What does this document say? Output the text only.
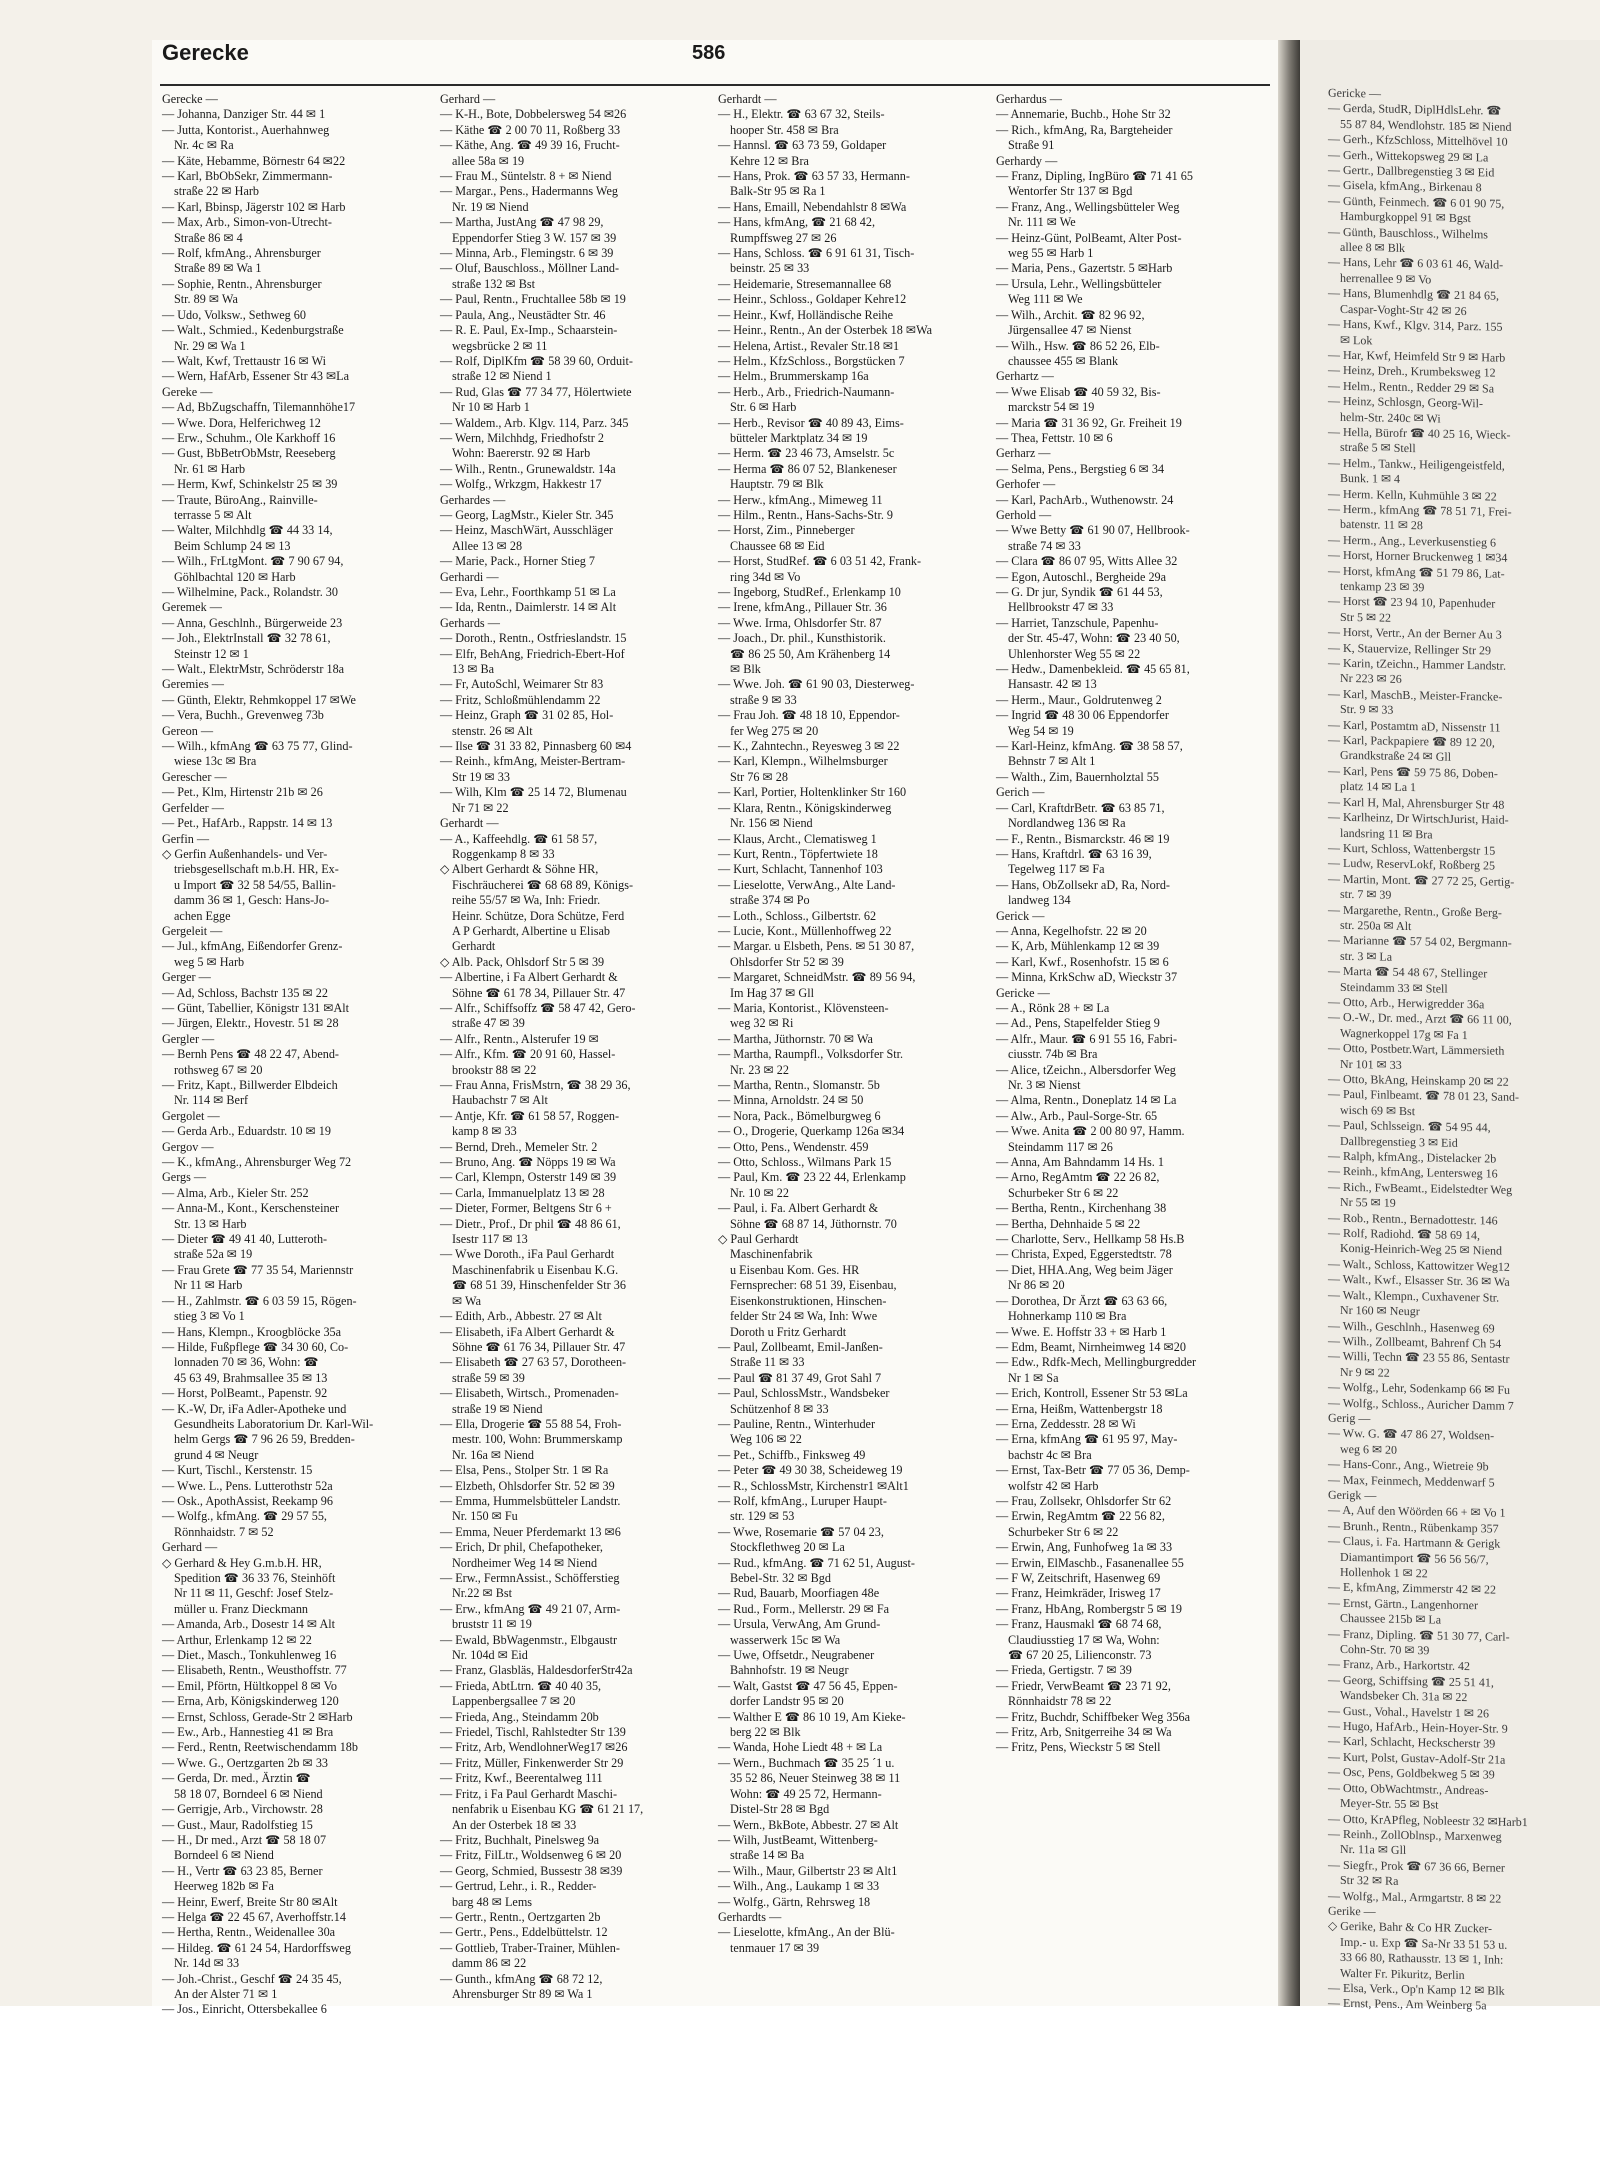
Gerecke	586
Gerecke —
— Johanna, Danziger Str. 44 ✉ 1
— Jutta, Kontorist., Auerhahnweg
Nr. 4c ✉ Ra
— Käte, Hebamme, Börnestr 64 ✉22
— Karl, BbObSekr, Zimmermann-
straße 22 ✉ Harb
— Karl, Bbinsp, Jägerstr 102 ✉ Harb
— Max, Arb., Simon-von-Utrecht-
Straße 86 ✉ 4
— Rolf, kfmAng., Ahrensburger
Straße 89 ✉ Wa 1
— Sophie, Rentn., Ahrensburger
Str. 89 ✉ Wa
— Udo, Volksw., Sethweg 60
— Walt., Schmied., Kedenburgstraße
Nr. 29 ✉ Wa 1
— Walt, Kwf, Trettaustr 16 ✉ Wi
— Wern, HafArb, Essener Str 43 ✉La
Gereke —
— Ad, BbZugschaffn, Tilemannhöhe17
— Wwe. Dora, Helferichweg 12
— Erw., Schuhm., Ole Karkhoff 16
— Gust, BbBetrObMstr, Reeseberg
Nr. 61 ✉ Harb
— Herm, Kwf, Schinkelstr 25 ✉ 39
— Traute, BüroAng., Rainville-
terrasse 5 ✉ Alt
— Walter, Milchhdlg ☎ 44 33 14,
Beim Schlump 24 ✉ 13
— Wilh., FrLtgMont. ☎ 7 90 67 94,
Göhlbachtal 120 ✉ Harb
— Wilhelmine, Pack., Rolandstr. 30
Geremek —
— Anna, Geschlnh., Bürgerweide 23
— Joh., ElektrInstall ☎ 32 78 61,
Steinstr 12 ✉ 1
— Walt., ElektrMstr, Schröderstr 18a
Geremies —
— Günth, Elektr, Rehmkoppel 17 ✉We
— Vera, Buchh., Grevenweg 73b
Gereon —
— Wilh., kfmAng ☎ 63 75 77, Glind-
wiese 13c ✉ Bra
Gerescher —
— Pet., Klm, Hirtenstr 21b ✉ 26
Gerfelder —
— Pet., HafArb., Rappstr. 14 ✉ 13
Gerfin —
◇ Gerfin Außenhandels- und Ver-
triebsgesellschaft m.b.H. HR, Ex-
u Import ☎ 32 58 54/55, Ballin-
damm 36 ✉ 1, Gesch: Hans-Jo-
achen Egge
Gergeleit —
— Jul., kfmAng, Eißendorfer Grenz-
weg 5 ✉ Harb
Gerger —
— Ad, Schloss, Bachstr 135 ✉ 22
— Günt, Tabellier, Königstr 131 ✉Alt
— Jürgen, Elektr., Hovestr. 51 ✉ 28
Gergler —
— Bernh Pens ☎ 48 22 47, Abend-
rothsweg 67 ✉ 20
— Fritz, Kapt., Billwerder Elbdeich
Nr. 114 ✉ Berf
Gergolet —
— Gerda Arb., Eduardstr. 10 ✉ 19
Gergov —
— K., kfmAng., Ahrensburger Weg 72
Gergs —
— Alma, Arb., Kieler Str. 252
— Anna-M., Kont., Kerschensteiner
Str. 13 ✉ Harb
— Dieter ☎ 49 41 40, Lutteroth-
straße 52a ✉ 19
— Frau Grete ☎ 77 35 54, Mariennstr
Nr 11 ✉ Harb
— H., Zahlmstr. ☎ 6 03 59 15, Rögen-
stieg 3 ✉ Vo 1
— Hans, Klempn., Kroogblöcke 35a
— Hilde, Fußpflege ☎ 34 30 60, Co-
lonnaden 70 ✉ 36, Wohn: ☎
45 63 49, Brahmsallee 35 ✉ 13
— Horst, PolBeamt., Papenstr. 92
— K.-W, Dr, iFa Adler-Apotheke und
Gesundheits Laboratorium Dr. Karl-Wil-
helm Gergs ☎ 7 96 26 59, Bredden-
grund 4 ✉ Neugr
— Kurt, Tischl., Kerstenstr. 15
— Wwe. L., Pens. Lutterothstr 52a
— Osk., ApothAssist, Reekamp 96
— Wolfg., kfmAng. ☎ 29 57 55,
Rönnhaidstr. 7 ✉ 52
Gerhard —
◇ Gerhard & Hey G.m.b.H. HR,
Spedition ☎ 36 33 76, Steinhöft
Nr 11 ✉ 11, Geschf: Josef Stelz-
müller u. Franz Dieckmann
— Amanda, Arb., Dosestr 14 ✉ Alt
— Arthur, Erlenkamp 12 ✉ 22
— Diet., Masch., Tonkuhlenweg 16
— Elisabeth, Rentn., Weusthoffstr. 77
— Emil, Pförtn, Hültkoppel 8 ✉ Vo
— Erna, Arb, Königskinderweg 120
— Ernst, Schloss, Gerade-Str 2 ✉Harb
— Ew., Arb., Hannestieg 41 ✉ Bra
— Ferd., Rentn, Reetwischendamm 18b
— Wwe. G., Oertzgarten 2b ✉ 33
— Gerda, Dr. med., Ärztin ☎
58 18 07, Borndeel 6 ✉ Niend
— Gerrigje, Arb., Virchowstr. 28
— Gust., Maur, Radolfstieg 15
— H., Dr med., Arzt ☎ 58 18 07
Borndeel 6 ✉ Niend
— H., Vertr ☎ 63 23 85, Berner
Heerweg 182b ✉ Fa
— Heinr, Ewerf, Breite Str 80 ✉Alt
— Helga ☎ 22 45 67, Averhoffstr.14
— Hertha, Rentn., Weidenallee 30a
— Hildeg. ☎ 61 24 54, Hardorffsweg
Nr. 14d ✉ 33
— Joh.-Christ., Geschf ☎ 24 35 45,
An der Alster 71 ✉ 1
— Jos., Einricht, Ottersbekallee 6
Gerhard —
— K-H., Bote, Dobbelersweg 54 ✉26
— Käthe ☎ 2 00 70 11, Roßberg 33
— Käthe, Ang. ☎ 49 39 16, Frucht-
allee 58a ✉ 19
— Frau M., Süntelstr. 8 + ✉ Niend
— Margar., Pens., Hadermanns Weg
Nr. 19 ✉ Niend
— Martha, JustAng ☎ 47 98 29,
Eppendorfer Stieg 3 W. 157 ✉ 39
— Minna, Arb., Flemingstr. 6 ✉ 39
— Oluf, Bauschloss., Möllner Land-
straße 132 ✉ Bst
— Paul, Rentn., Fruchtallee 58b ✉ 19
— Paula, Ang., Neustädter Str. 46
— R. E. Paul, Ex-Imp., Schaarstein-
wegsbrücke 2 ✉ 11
— Rolf, DiplKfm ☎ 58 39 60, Orduit-
straße 12 ✉ Niend 1
— Rud, Glas ☎ 77 34 77, Hölertwiete
Nr 10 ✉ Harb 1
— Waldem., Arb. Klgv. 114, Parz. 345
— Wern, Milchhdg, Friedhofstr 2
Wohn: Baererstr. 92 ✉ Harb
— Wilh., Rentn., Grunewaldstr. 14a
— Wolfg., Wrkzgm, Hakkestr 17
Gerhardes —
— Georg, LagMstr., Kieler Str. 345
— Heinz, MaschWärt, Ausschläger
Allee 13 ✉ 28
— Marie, Pack., Horner Stieg 7
Gerhardi —
— Eva, Lehr., Foorthkamp 51 ✉ La
— Ida, Rentn., Daimlerstr. 14 ✉ Alt
Gerhards —
— Doroth., Rentn., Ostfrieslandstr. 15
— Elfr, BehAng, Friedrich-Ebert-Hof
13 ✉ Ba
— Fr, AutoSchl, Weimarer Str 83
— Fritz, Schloßmühlendamm 22
— Heinz, Graph ☎ 31 02 85, Hol-
stenstr. 26 ✉ Alt
— Ilse ☎ 31 33 82, Pinnasberg 60 ✉4
— Reinh., kfmAng, Meister-Bertram-
Str 19 ✉ 33
— Wilh, Klm ☎ 25 14 72, Blumenau
Nr 71 ✉ 22
Gerhardt —
— A., Kaffeehdlg. ☎ 61 58 57,
Roggenkamp 8 ✉ 33
◇ Albert Gerhardt & Söhne HR,
Fischräucherei ☎ 68 68 89, Königs-
reihe 55/57 ✉ Wa, Inh: Friedr.
Heinr. Schütze, Dora Schütze, Ferd
A P Gerhardt, Albertine u Elisab
Gerhardt
◇ Alb. Pack, Ohlsdorf Str 5 ✉ 39
— Albertine, i Fa Albert Gerhardt &
Söhne ☎ 61 78 34, Pillauer Str. 47
— Alfr., Schiffsoffz ☎ 58 47 42, Gero-
straße 47 ✉ 39
— Alfr., Rentn., Alsterufer 19 ✉
— Alfr., Kfm. ☎ 20 91 60, Hassel-
brookstr 88 ✉ 22
— Frau Anna, FrisMstrn, ☎ 38 29 36,
Haubachstr 7 ✉ Alt
— Antje, Kfr. ☎ 61 58 57, Roggen-
kamp 8 ✉ 33
— Bernd, Dreh., Memeler Str. 2
— Bruno, Ang. ☎ Nöpps 19 ✉ Wa
— Carl, Klempn, Osterstr 149 ✉ 39
— Carla, Immanuelplatz 13 ✉ 28
— Dieter, Former, Beltgens Str 6 +
— Dietr., Prof., Dr phil ☎ 48 86 61,
Isestr 117 ✉ 13
— Wwe Doroth., iFa Paul Gerhardt
Maschinenfabrik u Eisenbau K.G.
☎ 68 51 39, Hinschenfelder Str 36
✉ Wa
— Edith, Arb., Abbestr. 27 ✉ Alt
— Elisabeth, iFa Albert Gerhardt &
Söhne ☎ 61 76 34, Pillauer Str. 47
— Elisabeth ☎ 27 63 57, Dorotheen-
straße 59 ✉ 39
— Elisabeth, Wirtsch., Promenaden-
straße 19 ✉ Niend
— Ella, Drogerie ☎ 55 88 54, Froh-
mestr. 100, Wohn: Brummerskamp
Nr. 16a ✉ Niend
— Elsa, Pens., Stolper Str. 1 ✉ Ra
— Elzbeth, Ohlsdorfer Str. 52 ✉ 39
— Emma, Hummelsbütteler Landstr.
Nr. 150 ✉ Fu
— Emma, Neuer Pferdemarkt 13 ✉6
— Erich, Dr phil, Chefapotheker,
Nordheimer Weg 14 ✉ Niend
— Erw., FermnAssist., Schöfferstieg
Nr.22 ✉ Bst
— Erw., kfmAng ☎ 49 21 07, Arm-
bruststr 11 ✉ 19
— Ewald, BbWagenmstr., Elbgaustr
Nr. 104d ✉ Eid
— Franz, Glasbläs, HaldesdorferStr42a
— Frieda, AbtLtrn. ☎ 40 40 35,
Lappenbergsallee 7 ✉ 20
— Frieda, Ang., Steindamm 20b
— Friedel, Tischl, Rahlstedter Str 139
— Fritz, Arb, WendlohnerWeg17 ✉26
— Fritz, Müller, Finkenwerder Str 29
— Fritz, Kwf., Beerentalweg 111
— Fritz, i Fa Paul Gerhardt Maschi-
nenfabrik u Eisenbau KG ☎ 61 21 17,
An der Osterbek 18 ✉ 33
— Fritz, Buchhalt, Pinelsweg 9a
— Fritz, FilLtr., Woldsenweg 6 ✉ 20
— Georg, Schmied, Bussestr 38 ✉39
— Gertrud, Lehr., i. R., Redder-
barg 48 ✉ Lems
— Gertr., Rentn., Oertzgarten 2b
— Gertr., Pens., Eddelbüttelstr. 12
— Gottlieb, Traber-Trainer, Mühlen-
damm 86 ✉ 22
— Gunth., kfmAng ☎ 68 72 12,
Ahrensburger Str 89 ✉ Wa 1
Gerhardt —
— H., Elektr. ☎ 63 67 32, Steils-
hooper Str. 458 ✉ Bra
— Hannsl. ☎ 63 73 59, Goldaper
Kehre 12 ✉ Bra
— Hans, Prok. ☎ 63 57 33, Hermann-
Balk-Str 95 ✉ Ra 1
— Hans, Emaill, Nebendahlstr 8 ✉Wa
— Hans, kfmAng, ☎ 21 68 42,
Rumpffsweg 27 ✉ 26
— Hans, Schloss. ☎ 6 91 61 31, Tisch-
beinstr. 25 ✉ 33
— Heidemarie, Stresemannallee 68
— Heinr., Schloss., Goldaper Kehre12
— Heinr., Kwf, Holländische Reihe
— Heinr., Rentn., An der Osterbek 18 ✉Wa
— Helena, Artist., Revaler Str.18 ✉1
— Helm., KfzSchloss., Borgstücken 7
— Helm., Brummerskamp 16a
— Herb., Arb., Friedrich-Naumann-
Str. 6 ✉ Harb
— Herb., Revisor ☎ 40 89 43, Eims-
bütteler Marktplatz 34 ✉ 19
— Herm. ☎ 23 46 73, Amselstr. 5c
— Herma ☎ 86 07 52, Blankeneser
Hauptstr. 79 ✉ Blk
— Herw., kfmAng., Mimeweg 11
— Hilm., Rentn., Hans-Sachs-Str. 9
— Horst, Zim., Pinneberger
Chaussee 68 ✉ Eid
— Horst, StudRef. ☎ 6 03 51 42, Frank-
ring 34d ✉ Vo
— Ingeborg, StudRef., Erlenkamp 10
— Irene, kfmAng., Pillauer Str. 36
— Wwe. Irma, Ohlsdorfer Str. 87
— Joach., Dr. phil., Kunsthistorik.
☎ 86 25 50, Am Krähenberg 14
✉ Blk
— Wwe. Joh. ☎ 61 90 03, Diesterweg-
straße 9 ✉ 33
— Frau Joh. ☎ 48 18 10, Eppendor-
fer Weg 275 ✉ 20
— K., Zahntechn., Reyesweg 3 ✉ 22
— Karl, Klempn., Wilhelmsburger
Str 76 ✉ 28
— Karl, Portier, Holtenklinker Str 160
— Klara, Rentn., Königskinderweg
Nr. 156 ✉ Niend
— Klaus, Archt., Clematisweg 1
— Kurt, Rentn., Töpfertwiete 18
— Kurt, Schlacht, Tannenhof 103
— Lieselotte, VerwAng., Alte Land-
straße 374 ✉ Po
— Loth., Schloss., Gilbertstr. 62
— Lucie, Kont., Müllenhoffweg 22
— Margar. u Elsbeth, Pens. ✉ 51 30 87,
Ohlsdorfer Str 52 ✉ 39
— Margaret, SchneidMstr. ☎ 89 56 94,
Im Hag 37 ✉ Gll
— Maria, Kontorist., Klövensteen-
weg 32 ✉ Ri
— Martha, Jüthornstr. 70 ✉ Wa
— Martha, Raumpfl., Volksdorfer Str.
Nr. 23 ✉ 22
— Martha, Rentn., Slomanstr. 5b
— Minna, Arnoldstr. 24 ✉ 50
— Nora, Pack., Bömelburgweg 6
— O., Drogerie, Querkamp 126a ✉34
— Otto, Pens., Wendenstr. 459
— Otto, Schloss., Wilmans Park 15
— Paul, Km. ☎ 23 22 44, Erlenkamp
Nr. 10 ✉ 22
— Paul, i. Fa. Albert Gerhardt &
Söhne ☎ 68 87 14, Jüthornstr. 70
◇ Paul Gerhardt
Maschinenfabrik
u Eisenbau Kom. Ges. HR
Fernsprecher: 68 51 39, Eisenbau,
Eisenkonstruktionen, Hinschen-
felder Str 24 ✉ Wa, Inh: Wwe
Doroth u Fritz Gerhardt
— Paul, Zollbeamt, Emil-Janßen-
Straße 11 ✉ 33
— Paul ☎ 81 37 49, Grot Sahl 7
— Paul, SchlossMstr., Wandsbeker
Schützenhof 8 ✉ 33
— Pauline, Rentn., Winterhuder
Weg 106 ✉ 22
— Pet., Schiffb., Finksweg 49
— Peter ☎ 49 30 38, Scheideweg 19
— R., SchlossMstr, Kirchenstr1 ✉Alt1
— Rolf, kfmAng., Luruper Haupt-
str. 129 ✉ 53
— Wwe, Rosemarie ☎ 57 04 23,
Stockflethweg 20 ✉ La
— Rud., kfmAng. ☎ 71 62 51, August-
Bebel-Str. 32 ✉ Bgd
— Rud, Bauarb, Moorfiagen 48e
— Rud., Form., Mellerstr. 29 ✉ Fa
— Ursula, VerwAng, Am Grund-
wasserwerk 15c ✉ Wa
— Uwe, Offsetdr., Neugrabener
Bahnhofstr. 19 ✉ Neugr
— Walt, Gastst ☎ 47 56 45, Eppen-
dorfer Landstr 95 ✉ 20
— Walther E ☎ 86 10 19, Am Kieke-
berg 22 ✉ Blk
— Wanda, Hohe Liedt 48 + ✉ La
— Wern., Buchmach ☎ 35 25 ´1 u.
35 52 86, Neuer Steinweg 38 ✉ 11
Wohn: ☎ 49 25 72, Hermann-
Distel-Str 28 ✉ Bgd
— Wern., BkBote, Abbestr. 27 ✉ Alt
— Wilh, JustBeamt, Wittenberg-
straße 14 ✉ Ba
— Wilh., Maur, Gilbertstr 23 ✉ Alt1
— Wilh., Ang., Laukamp 1 ✉ 33
— Wolfg., Gärtn, Rehrsweg 18
Gerhardts —
— Lieselotte, kfmAng., An der Blü-
tenmauer 17 ✉ 39
Gerhardus —
— Annemarie, Buchb., Hohe Str 32
— Rich., kfmAng, Ra, Bargteheider
Straße 91
Gerhardy —
— Franz, Dipling, IngBüro ☎ 71 41 65
Wentorfer Str 137 ✉ Bgd
— Franz, Ang., Wellingsbütteler Weg
Nr. 111 ✉ We
— Heinz-Günt, PolBeamt, Alter Post-
weg 55 ✉ Harb 1
— Maria, Pens., Gazertstr. 5 ✉Harb
— Ursula, Lehr., Wellingsbütteler
Weg 111 ✉ We
— Wilh., Archit. ☎ 82 96 92,
Jürgensallee 47 ✉ Nienst
— Wilh., Hsw. ☎ 86 52 26, Elb-
chaussee 455 ✉ Blank
Gerhartz —
— Wwe Elisab ☎ 40 59 32, Bis-
marckstr 54 ✉ 19
— Maria ☎ 31 36 92, Gr. Freiheit 19
— Thea, Fettstr. 10 ✉ 6
Gerharz —
— Selma, Pens., Bergstieg 6 ✉ 34
Gerhofer —
— Karl, PachArb., Wuthenowstr. 24
Gerhold —
— Wwe Betty ☎ 61 90 07, Hellbrook-
straße 74 ✉ 33
— Clara ☎ 86 07 95, Witts Allee 32
— Egon, Autoschl., Bergheide 29a
— G. Dr jur, Syndik ☎ 61 44 53,
Hellbrookstr 47 ✉ 33
— Harriet, Tanzschule, Papenhu-
der Str. 45-47, Wohn: ☎ 23 40 50,
Uhlenhorster Weg 55 ✉ 22
— Hedw., Damenbekleid. ☎ 45 65 81,
Hansastr. 42 ✉ 13
— Herm., Maur., Goldrutenweg 2
— Ingrid ☎ 48 30 06 Eppendorfer
Weg 54 ✉ 19
— Karl-Heinz, kfmAng. ☎ 38 58 57,
Behnstr 7 ✉ Alt 1
— Walth., Zim, Bauernholztal 55
Gerich —
— Carl, KraftdrBetr. ☎ 63 85 71,
Nordlandweg 136 ✉ Ra
— F., Rentn., Bismarckstr. 46 ✉ 19
— Hans, Kraftdrl. ☎ 63 16 39,
Tegelweg 117 ✉ Fa
— Hans, ObZollsekr aD, Ra, Nord-
landweg 134
Gerick —
— Anna, Kegelhofstr. 22 ✉ 20
— K, Arb, Mühlenkamp 12 ✉ 39
— Karl, Kwf., Rosenhofstr. 15 ✉ 6
— Minna, KrkSchw aD, Wieckstr 37
Gericke —
— A., Rönk 28 + ✉ La
— Ad., Pens, Stapelfelder Stieg 9
— Alfr., Maur. ☎ 6 91 55 16, Fabri-
ciusstr. 74b ✉ Bra
— Alice, tZeichn., Albersdorfer Weg
Nr. 3 ✉ Nienst
— Alma, Rentn., Doneplatz 14 ✉ La
— Alw., Arb., Paul-Sorge-Str. 65
— Wwe. Anita ☎ 2 00 80 97, Hamm.
Steindamm 117 ✉ 26
— Anna, Am Bahndamm 14 Hs. 1
— Arno, RegAmtm ☎ 22 26 82,
Schurbeker Str 6 ✉ 22
— Bertha, Rentn., Kirchenhang 38
— Bertha, Dehnhaide 5 ✉ 22
— Charlotte, Serv., Hellkamp 58 Hs.B
— Christa, Exped, Eggerstedtstr. 78
— Diet, HHA.Ang, Weg beim Jäger
Nr 86 ✉ 20
— Dorothea, Dr Ärzt ☎ 63 63 66,
Hohnerkamp 110 ✉ Bra
— Wwe. E. Hoffstr 33 + ✉ Harb 1
— Edm, Beamt, Nirnheimweg 14 ✉20
— Edw., Rdfk-Mech, Mellingburgredder
Nr 1 ✉ Sa
— Erich, Kontroll, Essener Str 53 ✉La
— Erna, Heißm, Wattenbergstr 18
— Erna, Zeddesstr. 28 ✉ Wi
— Erna, kfmAng ☎ 61 95 97, May-
bachstr 4c ✉ Bra
— Ernst, Tax-Betr ☎ 77 05 36, Demp-
wolfstr 42 ✉ Harb
— Frau, Zollsekr, Ohlsdorfer Str 62
— Erwin, RegAmtm ☎ 22 56 82,
Schurbeker Str 6 ✉ 22
— Erwin, Ang, Funhofweg 1a ✉ 33
— Erwin, ElMaschb., Fasanenallee 55
— F W, Zeitschrift, Hasenweg 69
— Franz, Heimkräder, Irisweg 17
— Franz, HbAng, Rombergstr 5 ✉ 19
— Franz, Hausmakl ☎ 68 74 68,
Claudiusstieg 17 ✉ Wa, Wohn:
☎ 67 20 25, Lilienconstr. 73
— Frieda, Gertigstr. 7 ✉ 39
— Friedr, VerwBeamt ☎ 23 71 92,
Rönnhaidstr 78 ✉ 22
— Fritz, Buchdr, Schiffbeker Weg 356a
— Fritz, Arb, Snitgerreihe 34 ✉ Wa
— Fritz, Pens, Wieckstr 5 ✉ Stell
Gericke —
— Gerda, StudR, DiplHdlsLehr. ☎
55 87 84, Wendlohstr. 185 ✉ Niend
— Gerh., KfzSchloss, Mittelhövel 10
— Gerh., Wittekopsweg 29 ✉ La
— Gertr., Dallbregenstieg 3 ✉ Eid
— Gisela, kfmAng., Birkenau 8
— Günth, Feinmech. ☎ 6 01 90 75,
Hamburgkoppel 91 ✉ Bgst
— Günth, Bauschloss., Wilhelms
allee 8 ✉ Blk
— Hans, Lehr ☎ 6 03 61 46, Wald-
herrenallee 9 ✉ Vo
— Hans, Blumenhdlg ☎ 21 84 65,
Caspar-Voght-Str 42 ✉ 26
— Hans, Kwf., Klgv. 314, Parz. 155
✉ Lok
— Har, Kwf, Heimfeld Str 9 ✉ Harb
— Heinz, Dreh., Krumbeksweg 12
— Helm., Rentn., Redder 29 ✉ Sa
— Heinz, Schlosgn, Georg-Wil-
helm-Str. 240c ✉ Wi
— Hella, Bürofr ☎ 40 25 16, Wieck-
straße 5 ✉ Stell
— Helm., Tankw., Heiligengeistfeld,
Bunk. 1 ✉ 4
— Herm. Kelln, Kuhmühle 3 ✉ 22
— Herm., kfmAng ☎ 78 51 71, Frei-
batenstr. 11 ✉ 28
— Herm., Ang., Leverkusenstieg 6
— Horst, Horner Bruckenweg 1 ✉34
— Horst, kfmAng ☎ 51 79 86, Lat-
tenkamp 23 ✉ 39
— Horst ☎ 23 94 10, Papenhuder
Str 5 ✉ 22
— Horst, Vertr., An der Berner Au 3
— K, Stauervize, Rellinger Str 29
— Karin, tZeichn., Hammer Landstr.
Nr 223 ✉ 26
— Karl, MaschB., Meister-Francke-
Str. 9 ✉ 33
— Karl, Postamtm aD, Nissenstr 11
— Karl, Packpapiere ☎ 89 12 20,
Grandkstraße 24 ✉ Gll
— Karl, Pens ☎ 59 75 86, Doben-
platz 14 ✉ La 1
— Karl H, Mal, Ahrensburger Str 48
— Karlheinz, Dr WirtschJurist, Haid-
landsring 11 ✉ Bra
— Kurt, Schloss, Wattenbergstr 15
— Ludw, ReservLokf, Roßberg 25
— Martin, Mont. ☎ 27 72 25, Gertig-
str. 7 ✉ 39
— Margarethe, Rentn., Große Berg-
str. 250a ✉ Alt
— Marianne ☎ 57 54 02, Bergmann-
str. 3 ✉ La
— Marta ☎ 54 48 67, Stellinger
Steindamm 33 ✉ Stell
— Otto, Arb., Herwigredder 36a
— O.-W., Dr. med., Arzt ☎ 66 11 00,
Wagnerkoppel 17g ✉ Fa 1
— Otto, Postbetr.Wart, Lämmersieth
Nr 101 ✉ 33
— Otto, BkAng, Heinskamp 20 ✉ 22
— Paul, Finlbeamt. ☎ 78 01 23, Sand-
wisch 69 ✉ Bst
— Paul, Schlsseign. ☎ 54 95 44,
Dallbregenstieg 3 ✉ Eid
— Ralph, kfmAng., Distelacker 2b
— Reinh., kfmAng, Lentersweg 16
— Rich., FwBeamt., Eidelstedter Weg
Nr 55 ✉ 19
— Rob., Rentn., Bernadottestr. 146
— Rolf, Radiohd. ☎ 58 69 14,
Konig-Heinrich-Weg 25 ✉ Niend
— Walt., Schloss, Kattowitzer Weg12
— Walt., Kwf., Elsasser Str. 36 ✉ Wa
— Walt., Klempn., Cuxhavener Str.
Nr 160 ✉ Neugr
— Wilh., Geschlnh., Hasenweg 69
— Wilh., Zollbeamt, Bahrenf Ch 54
— Willi, Techn ☎ 23 55 86, Sentastr
Nr 9 ✉ 22
— Wolfg., Lehr, Sodenkamp 66 ✉ Fu
— Wolfg., Schloss., Auricher Damm 7
Gerig —
— Ww. G. ☎ 47 86 27, Woldsen-
weg 6 ✉ 20
— Hans-Conr., Ang., Wietreie 9b
— Max, Feinmech, Meddenwarf 5
Gerigk —
— A, Auf den Wöörden 66 + ✉ Vo 1
— Brunh., Rentn., Rübenkamp 357
— Claus, i. Fa. Hartmann & Gerigk
Diamantimport ☎ 56 56 56/7,
Hollenhok 1 ✉ 22
— E, kfmAng, Zimmerstr 42 ✉ 22
— Ernst, Gärtn., Langenhorner
Chaussee 215b ✉ La
— Franz, Dipling. ☎ 51 30 77, Carl-
Cohn-Str. 70 ✉ 39
— Franz, Arb., Harkortstr. 42
— Georg, Schiffsing ☎ 25 51 41,
Wandsbeker Ch. 31a ✉ 22
— Gust., Vohal., Havelstr 1 ✉ 26
— Hugo, HafArb., Hein-Hoyer-Str. 9
— Karl, Schlacht, Heckscherstr 39
— Kurt, Polst, Gustav-Adolf-Str 21a
— Osc, Pens, Goldbekweg 5 ✉ 39
— Otto, ObWachtmstr., Andreas-
Meyer-Str. 55 ✉ Bst
— Otto, KrAPfleg, Nobleestr 32 ✉Harb1
— Reinh., ZollOblnsp., Marxenweg
Nr. 11a ✉ Gll
— Siegfr., Prok ☎ 67 36 66, Berner
Str 32 ✉ Ra
— Wolfg., Mal., Armgartstr. 8 ✉ 22
Gerike —
◇ Gerike, Bahr & Co HR Zucker-
Imp.- u. Exp ☎ Sa-Nr 33 51 53 u.
33 66 80, Rathausstr. 13 ✉ 1, Inh:
Walter Fr. Pikuritz, Berlin
— Elsa, Verk., Op'n Kamp 12 ✉ Blk
— Ernst, Pens., Am Weinberg 5a
